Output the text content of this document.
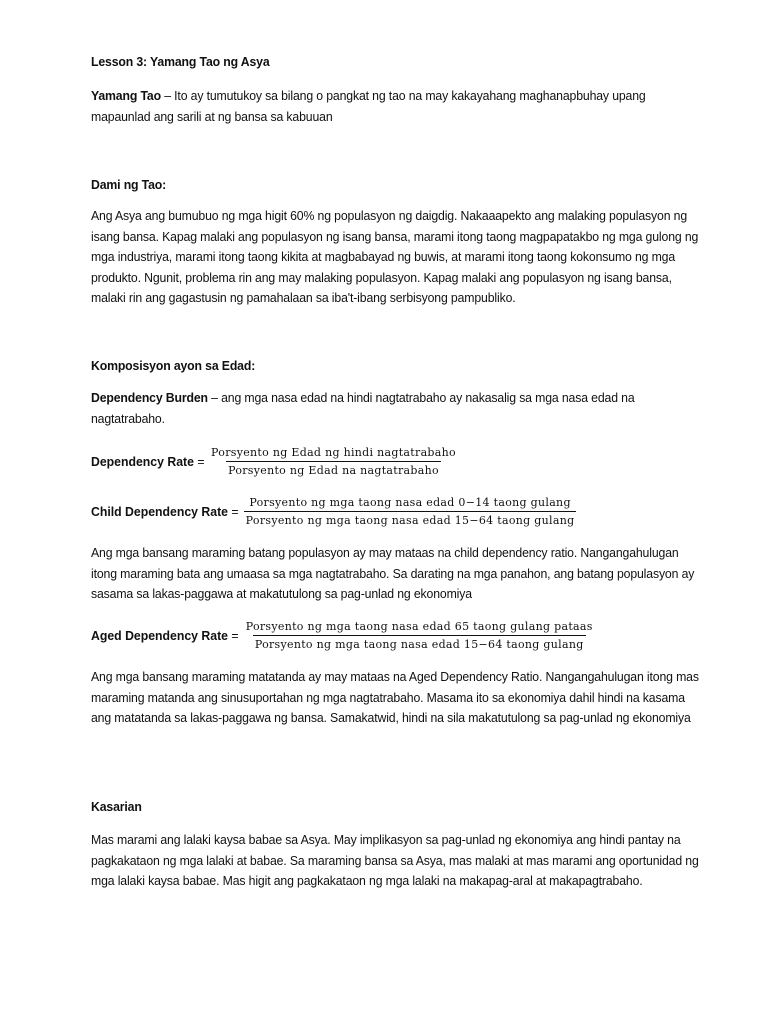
Lesson 3: Yamang Tao ng Asya
Yamang Tao – Ito ay tumutukoy sa bilang o pangkat ng tao na may kakayahang maghanapbuhay upang mapaunlad ang sarili at ng bansa sa kabuuan
Dami ng Tao:
Ang Asya ang bumubuo ng mga higit 60% ng populasyon ng daigdig. Nakaaapekto ang malaking populasyon ng isang bansa. Kapag malaki ang populasyon ng isang bansa, marami itong taong magpapatakbo ng mga gulong ng mga industriya, marami itong taong kikita at magbabayad ng buwis, at marami itong taong kokonsumo ng mga produkto. Ngunit, problema rin ang may malaking populasyon. Kapag malaki ang populasyon ng isang bansa, malaki rin ang gagastusin ng pamahalaan sa iba't-ibang serbisyong pampubliko.
Komposisyon ayon sa Edad:
Dependency Burden – ang mga nasa edad na hindi nagtatrabaho ay nakasalig sa mga nasa edad na nagtatrabaho.
Dependency Rate = $\frac{\text{Porsyento ng Edad ng hindi nagtatrabaho}}{\text{Porsyento ng Edad na nagtatrabaho}}$
Child Dependency Rate = $\frac{\text{Porsyento ng mga taong nasa edad 0−14 taong gulang}}{\text{Porsyento ng mga taong nasa edad 15−64 taong gulang}}$
Ang mga bansang maraming batang populasyon ay may mataas na child dependency ratio. Nangangahulugan itong maraming bata ang umaasa sa mga nagtatrabaho. Sa darating na mga panahon, ang batang populasyon ay sasama sa lakas-paggawa at makatutulong sa pag-unlad ng ekonomiya
Aged Dependency Rate = $\frac{\text{Porsyento ng mga taong nasa edad 65 taong gulang pataas}}{\text{Porsyento ng mga taong nasa edad 15−64 taong gulang}}$
Ang mga bansang maraming matatanda ay may mataas na Aged Dependency Ratio. Nangangahulugan itong mas maraming matanda ang sinusuportahan ng mga nagtatrabaho. Masama ito sa ekonomiya dahil hindi na kasama ang matatanda sa lakas-paggawa ng bansa. Samakatwid, hindi na sila makatutulong sa pag-unlad ng ekonomiya
Kasarian
Mas marami ang lalaki kaysa babae sa Asya. May implikasyon sa pag-unlad ng ekonomiya ang hindi pantay na pagkakataon ng mga lalaki at babae. Sa maraming bansa sa Asya, mas malaki at mas marami ang oportunidad ng mga lalaki kaysa babae. Mas higit ang pagkakataon ng mga lalaki na makapag-aral at makapagtrabaho.
